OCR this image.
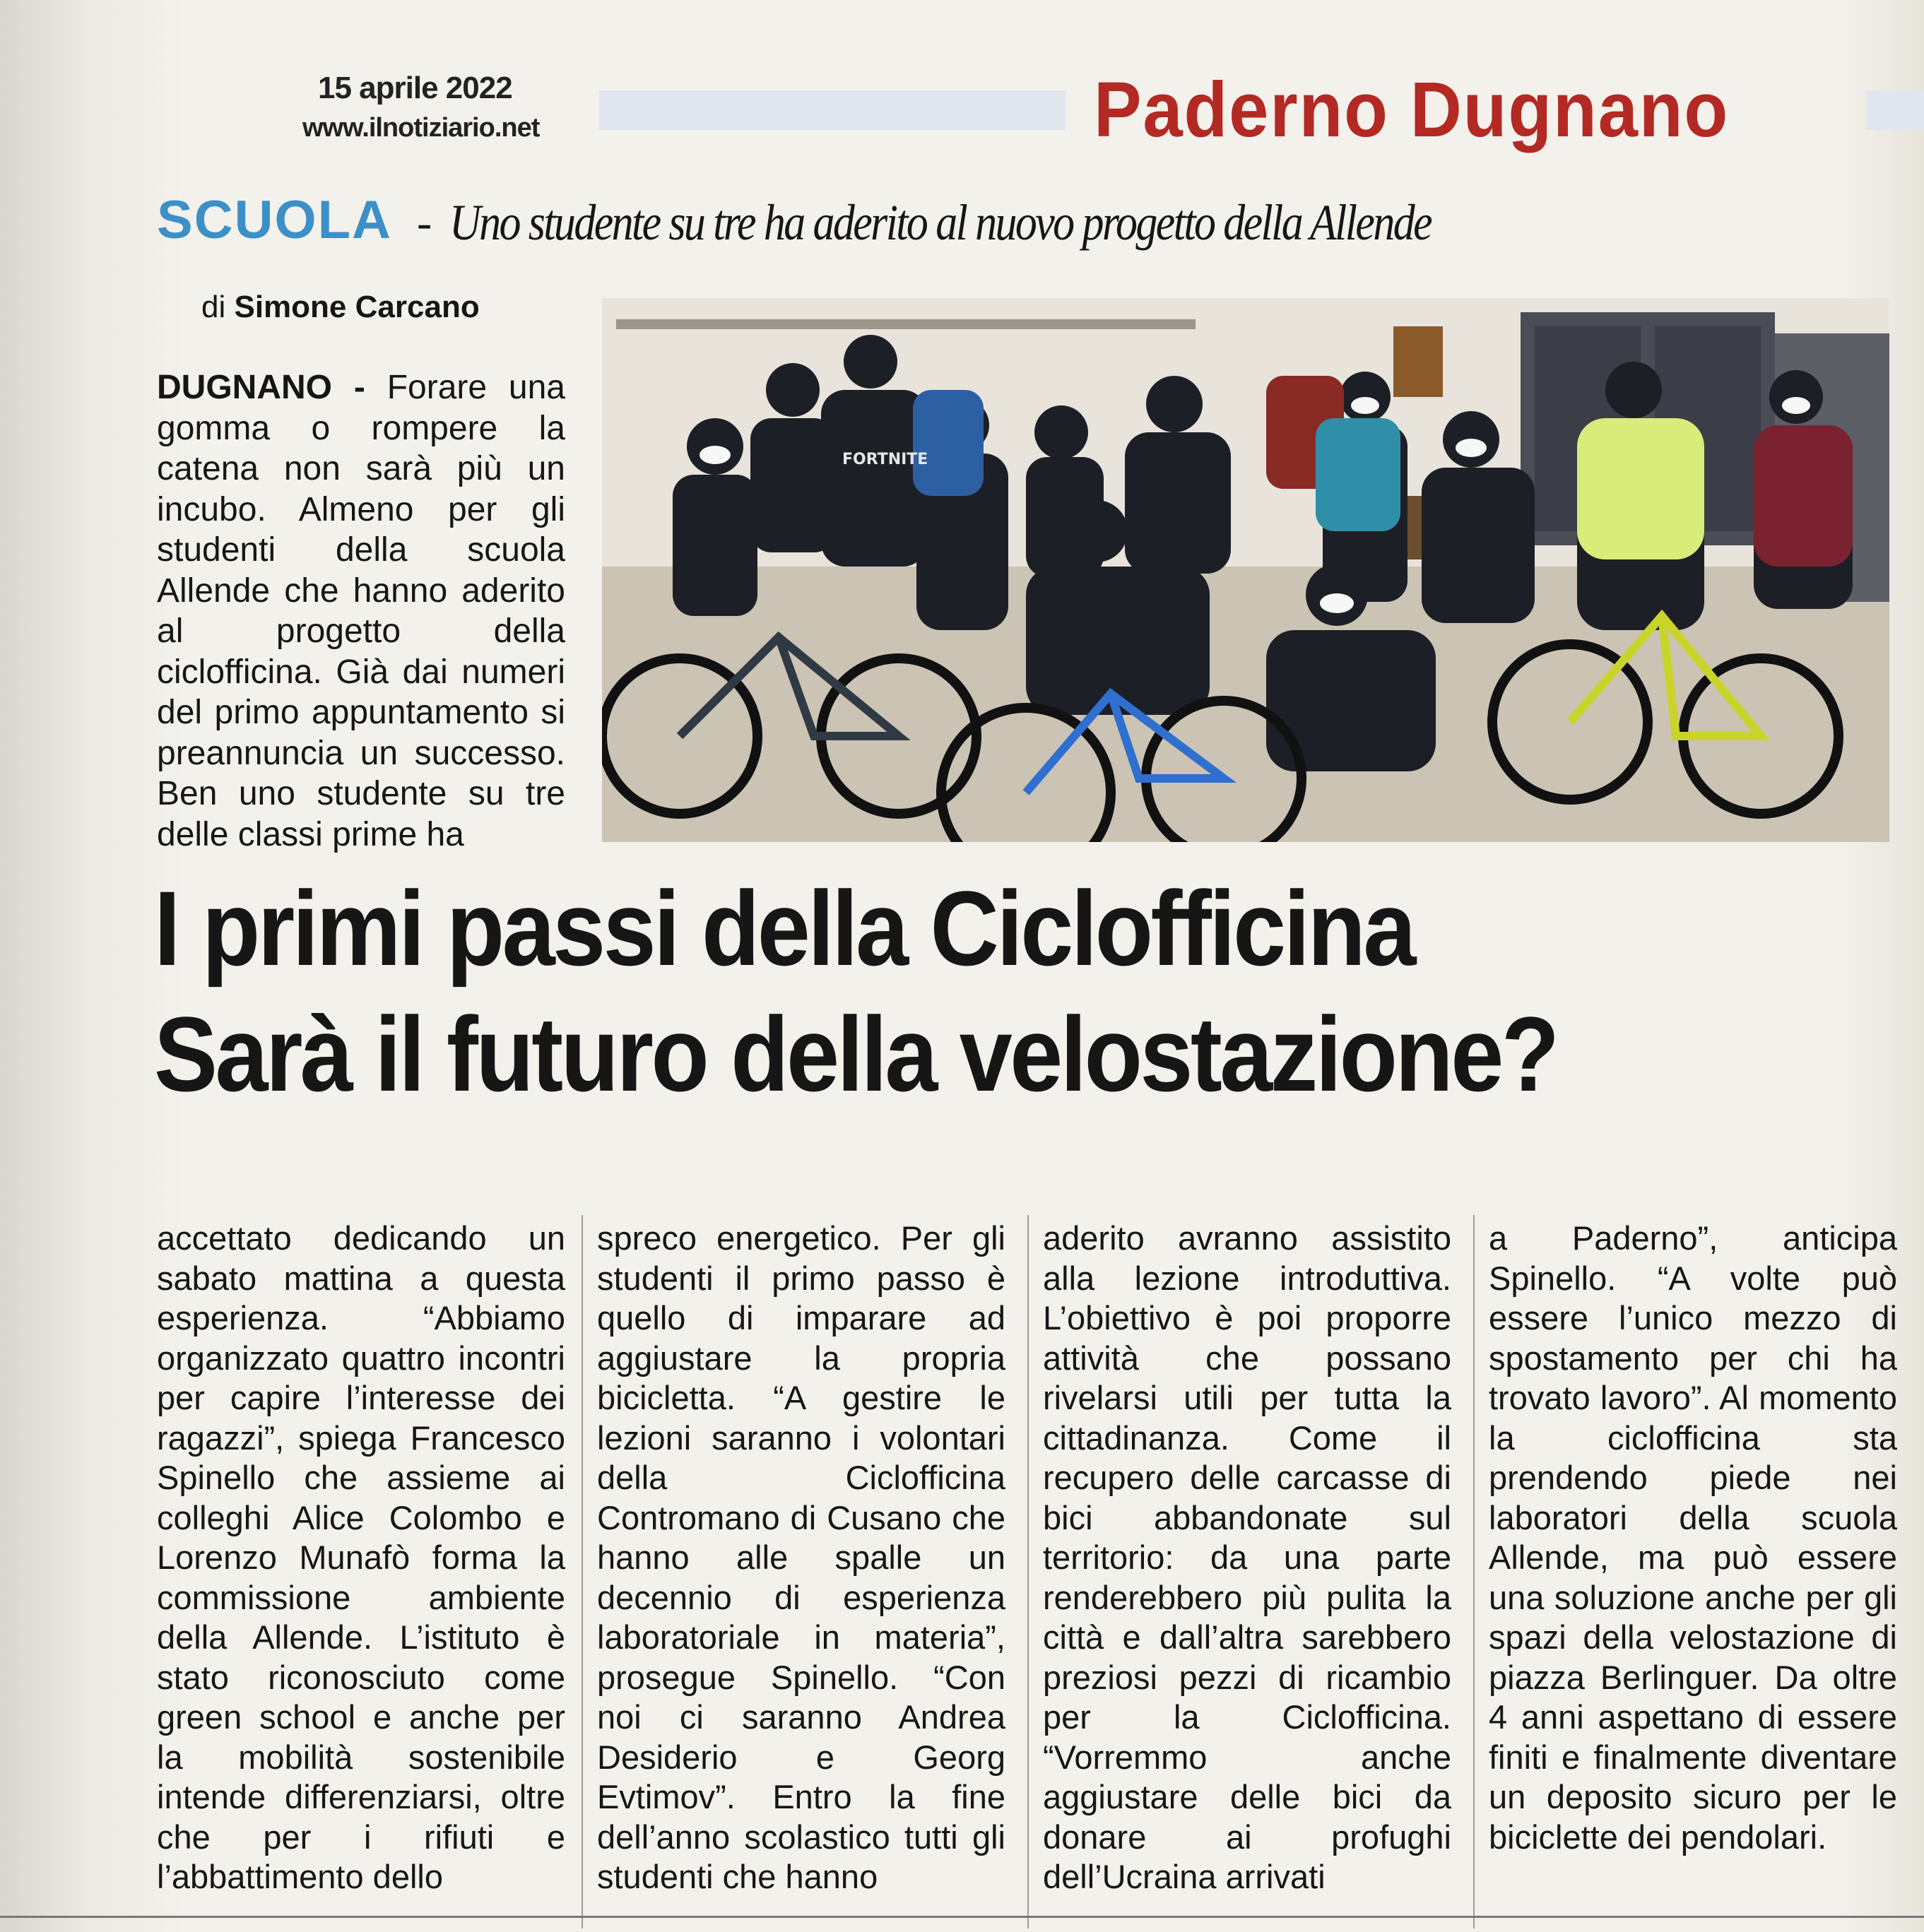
15 aprile 2022
www.ilnotiziario.net	Paderno Dugnano
SCUOLA - Uno studente su tre ha aderito al nuovo progetto della Allende
di Simone Carcano
DUGNANO - Forare una gomma o rompere la catena non sarà più un incubo. Almeno per gli studenti della scuola Allende che hanno aderito al progetto della ciclofficina. Già dai numeri del primo appuntamento si preannuncia un successo. Ben uno studente su tre delle classi prime ha
FORTNITE
I primi passi della Ciclofficina
Sarà il futuro della velostazione?
accettato dedicando un sabato mattina a questa esperienza. “Abbiamo organizzato quattro incontri per capire l’interesse dei ragazzi”, spiega Francesco Spinello che assieme ai colleghi Alice Colombo e Lorenzo Munafò forma la commissione ambiente della Allende. L’istituto è stato riconosciuto come green school e anche per la mobilità sostenibile intende differenziarsi, oltre che per i rifiuti e l’abbattimento dello
spreco energetico. Per gli studenti il primo passo è quello di imparare ad aggiustare la propria bicicletta. “A gestire le lezioni saranno i volontari della Ciclofficina Contromano di Cusano che hanno alle spalle un decennio di esperienza laboratoriale in materia”, prosegue Spinello. “Con noi ci saranno Andrea Desiderio e Georg Evtimov”. Entro la fine dell’anno scolastico tutti gli studenti che hanno
aderito avranno assistito alla lezione introduttiva. L’obiettivo è poi proporre attività che possano rivelarsi utili per tutta la cittadinanza. Come il recupero delle carcasse di bici abbandonate sul territorio: da una parte renderebbero più pulita la città e dall’altra sarebbero preziosi pezzi di ricambio per la Ciclofficina. “Vorremmo anche aggiustare delle bici da donare ai profughi dell’Ucraina arrivati
a Paderno”, anticipa Spinello. “A volte può essere l’unico mezzo di spostamento per chi ha trovato lavoro”. Al momento la ciclofficina sta prendendo piede nei laboratori della scuola Allende, ma può essere una soluzione anche per gli spazi della velostazione di piazza Berlinguer. Da oltre 4 anni aspettano di essere finiti e finalmente diventare un deposito sicuro per le biciclette dei pendolari.
